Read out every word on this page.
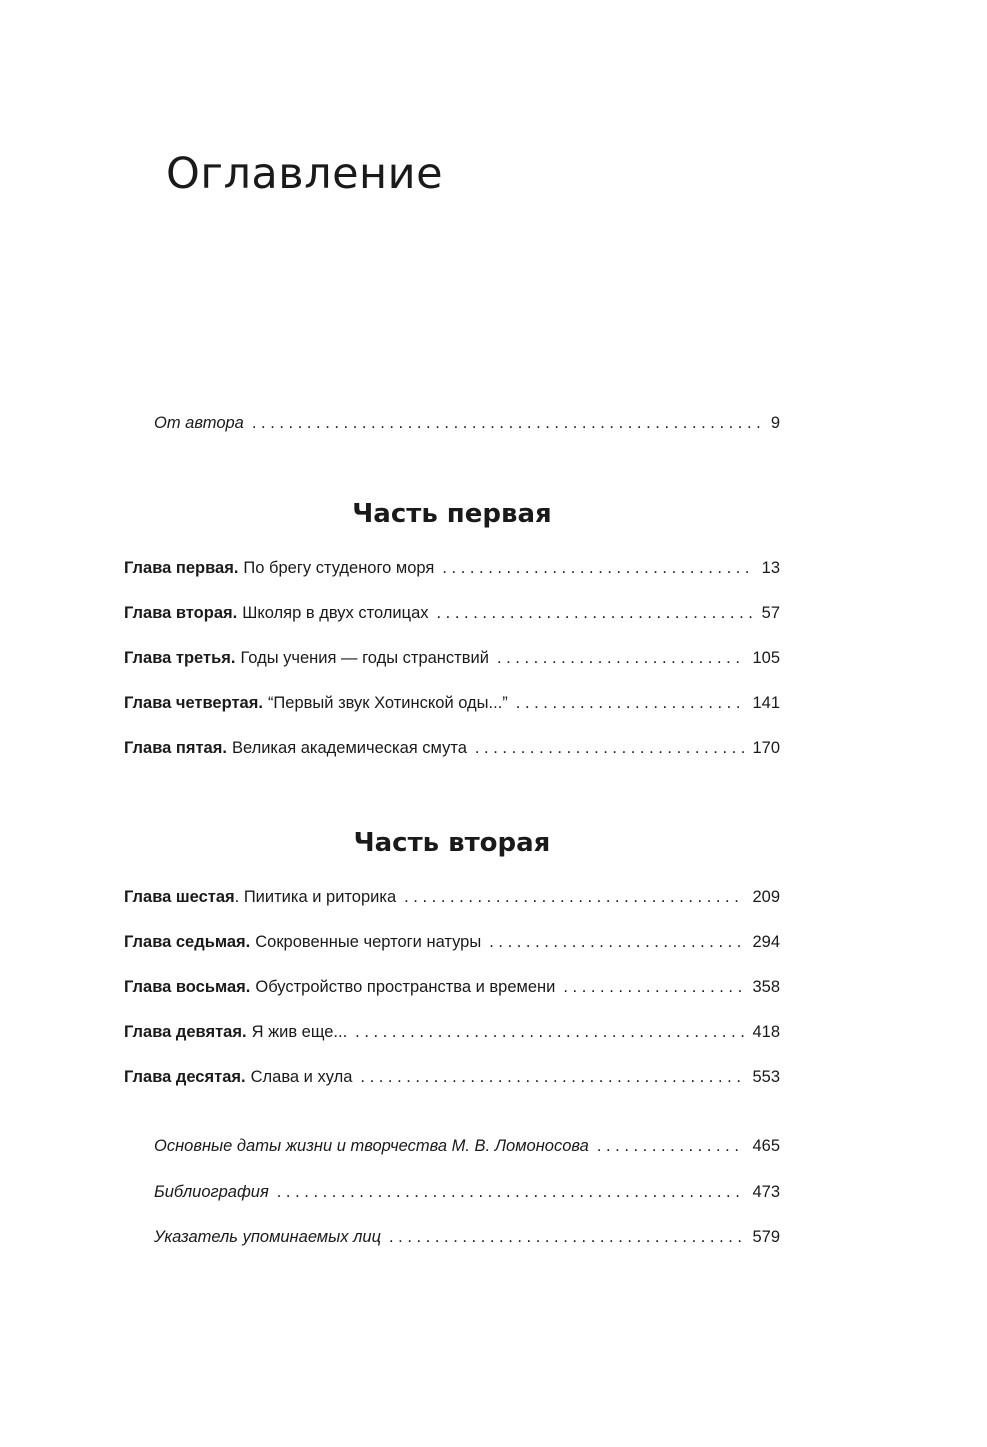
Оглавление
От автора . . .	9
Часть первая
Глава первая. По брегу студеного моря . . .	13
Глава вторая. Школяр в двух столицах . . .	57
Глава третья. Годы учения — годы странствий . . .	105
Глава четвертая. “Первый звук Хотинской оды...” . . .	141
Глава пятая. Великая академическая смута . . .	170
Часть вторая
Глава шестая . Пиитика и риторика . . .	209
Глава седьмая. Сокровенные чертоги натуры . . .	294
Глава восьмая. Обустройство пространства и времени . . .	358
Глава девятая. Я жив еще... . . .	418
Глава десятая. Слава и хула . . .	553
Основные даты жизни и творчества М. В. Ломоносова . . .	465
Библиография . . .	473
Указатель упоминаемых лиц . . .	579
